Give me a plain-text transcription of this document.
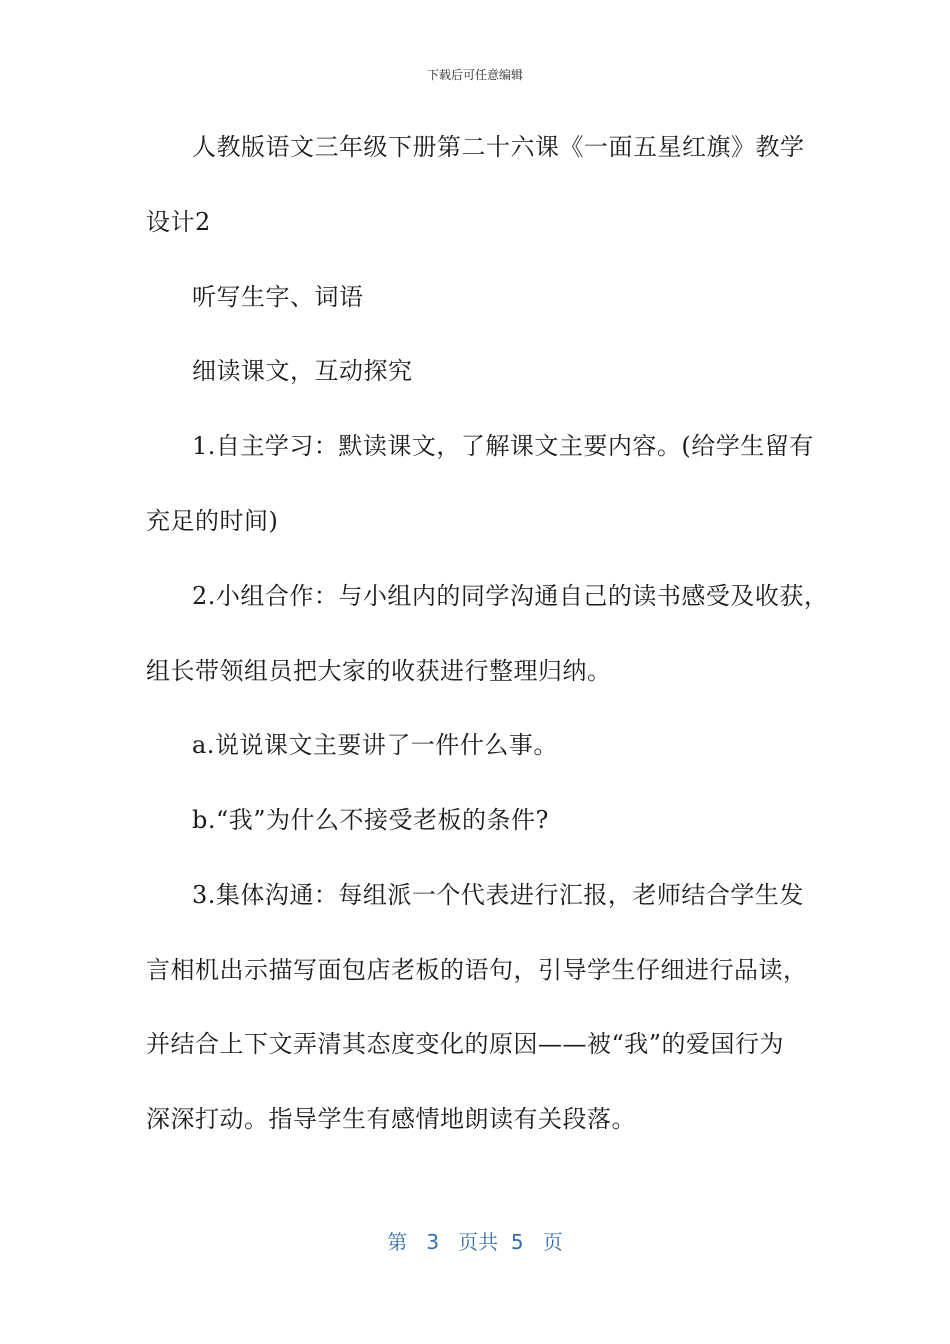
下载后可任意编辑
人教版语文三年级下册第二十六课《一面五星红旗》教学
设计2
听写生字、词语
细读课文，互动探究
1.自主学习：默读课文，了解课文主要内容。(给学生留有
充足的时间)
2.小组合作：与小组内的同学沟通自己的读书感受及收获，
组长带领组员把大家的收获进行整理归纳。
a.说说课文主要讲了一件什么事。
b.“我”为什么不接受老板的条件?
3.集体沟通：每组派一个代表进行汇报，老师结合学生发
言相机出示描写面包店老板的语句，引导学生仔细进行品读，
并结合上下文弄清其态度变化的原因——被“我”的爱国行为
深深打动。指导学生有感情地朗读有关段落。
第 3 页共 5 页
